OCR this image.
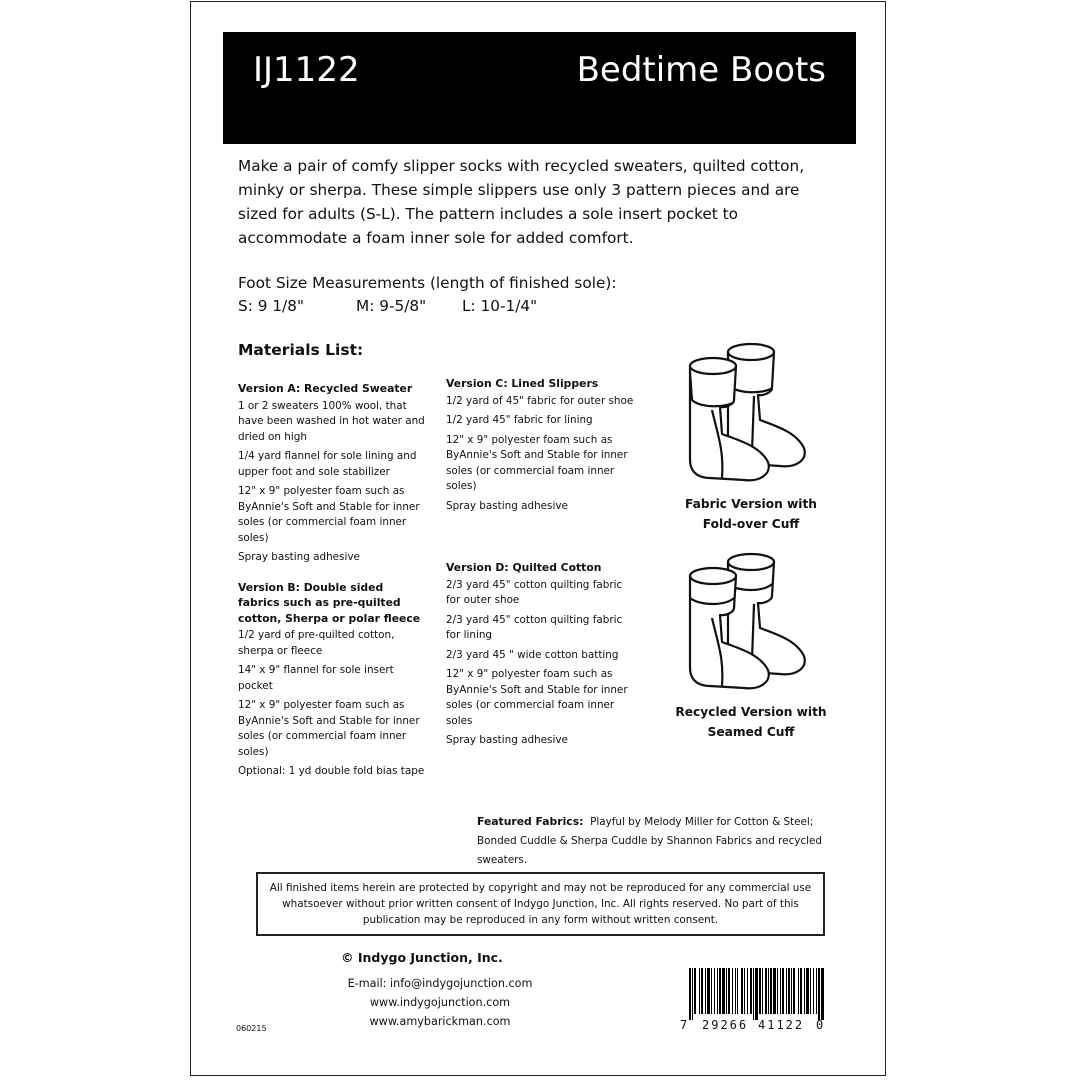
IJ1122	Bedtime Boots

Make a pair of comfy slipper socks with recycled sweaters, quilted cotton, minky or sherpa. These simple slippers use only 3 pattern pieces and are sized for adults (S-L). The pattern includes a sole insert pocket to accommodate a foam inner sole for added comfort.

Foot Size Measurements (length of finished sole):
S: 9 1/8"	M: 9-5/8" L: 10-1/4"
Materials List:
Version A: Recycled Sweater
1 or 2 sweaters 100% wool, that have been washed in hot water and dried on high
1/4 yard flannel for sole lining and upper foot and sole stabilizer
12" x 9" polyester foam such as ByAnnie's Soft and Stable for inner soles (or commercial foam inner soles)
Spray basting adhesive
Version B: Double sided fabrics such as pre-quilted cotton, Sherpa or polar fleece
1/2 yard of pre-quilted cotton, sherpa or fleece
14" x 9" flannel for sole insert pocket
12" x 9" polyester foam such as ByAnnie's Soft and Stable for inner soles (or commercial foam inner soles)
Optional: 1 yd double fold bias tape
Version C: Lined Slippers
1/2 yard of 45" fabric for outer shoe
1/2 yard 45" fabric for lining
12" x 9" polyester foam such as ByAnnie's Soft and Stable for inner soles (or commercial foam inner soles)
Spray basting adhesive
Version D: Quilted Cotton
2/3 yard 45" cotton quilting fabric for outer shoe
2/3 yard 45" cotton quilting fabric for lining
2/3 yard 45 " wide cotton batting
12" x 9" polyester foam such as ByAnnie's Soft and Stable for inner soles (or commercial foam inner soles
Spray basting adhesive
Fabric Version with
Fold-over Cuff
Recycled Version with
Seamed Cuff
Featured Fabrics: Playful by Melody Miller for Cotton & Steel; Bonded Cuddle & Sherpa Cuddle by Shannon Fabrics and recycled sweaters.
All finished items herein are protected by copyright and may not be reproduced for any commercial use whatsoever without prior written consent of Indygo Junction, Inc. All rights reserved. No part of this publication may be reproduced in any form without written consent.
© Indygo Junction, Inc.
E-mail: info@indygojunction.com
www.indygojunction.com
www.amybarickman.com
060215	7 29266 41122 0
